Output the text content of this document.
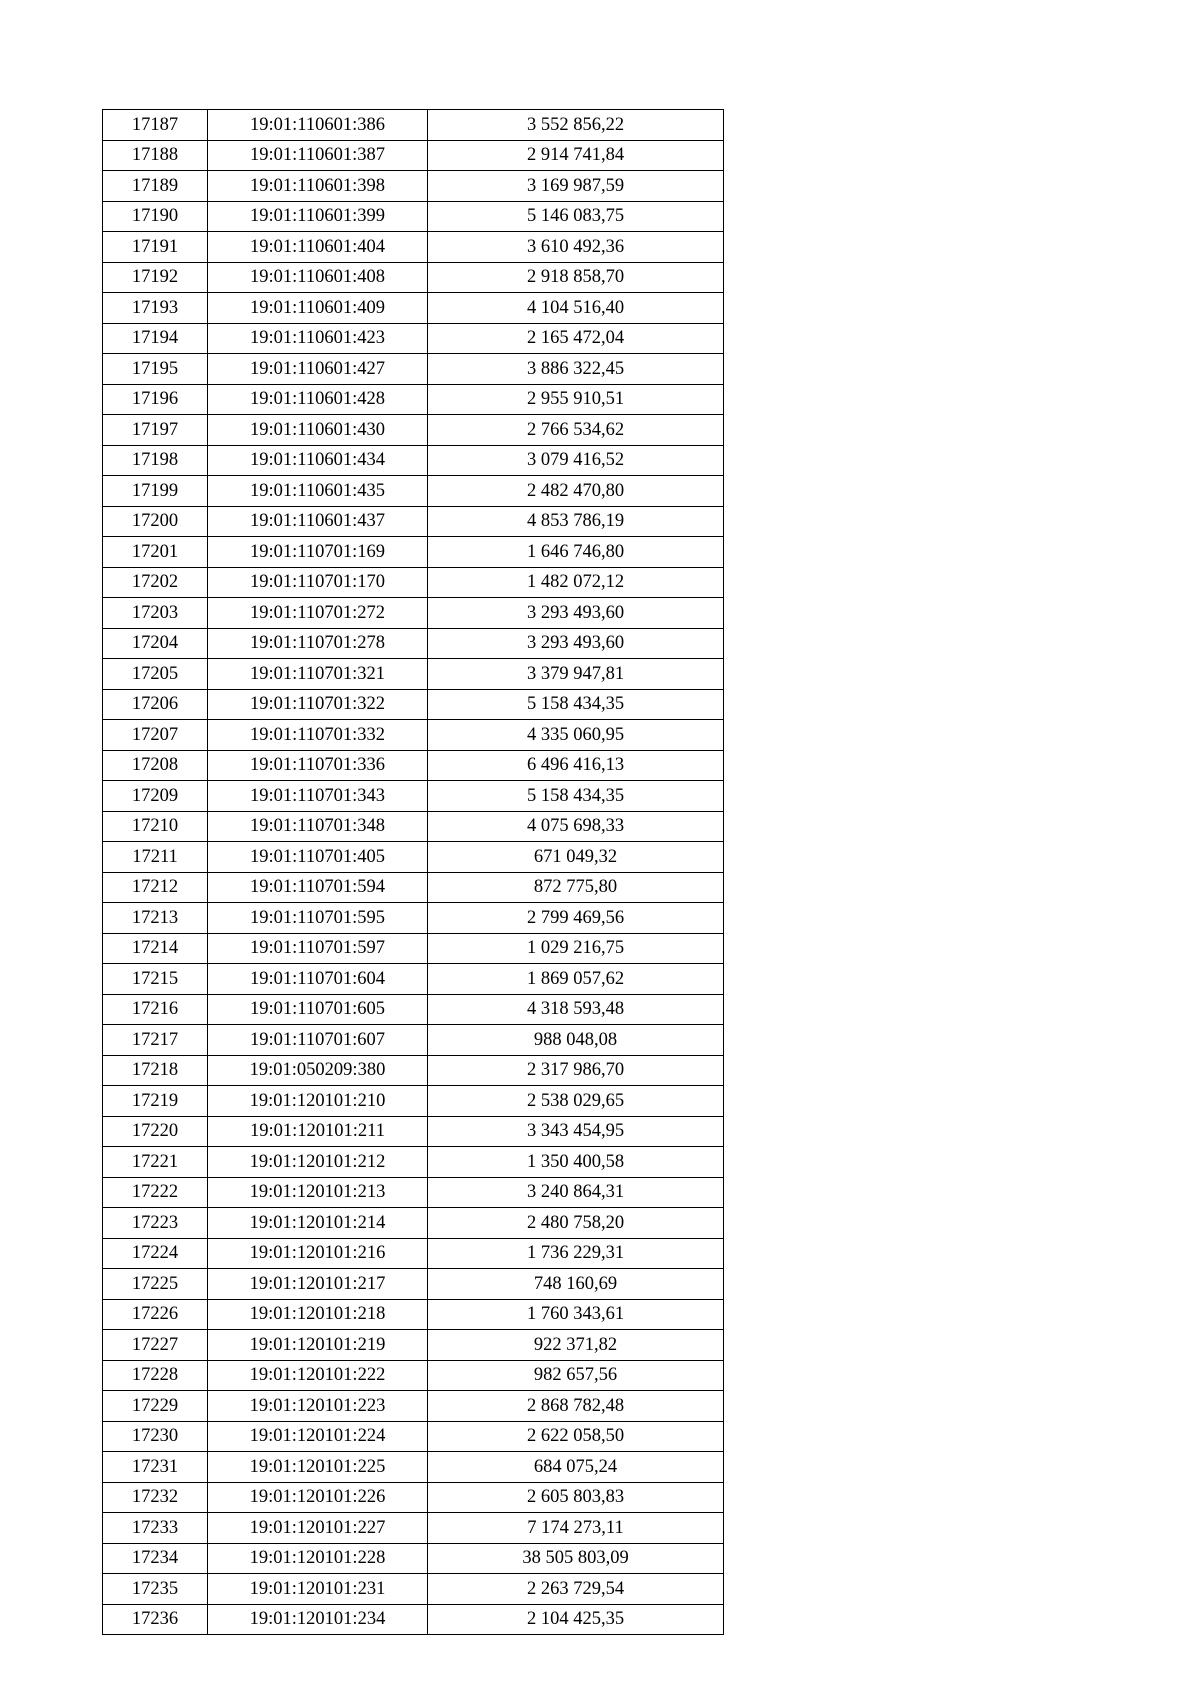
17187	19:01:110601:386	3 552 856,22
17188	19:01:110601:387	2 914 741,84
17189	19:01:110601:398	3 169 987,59
17190	19:01:110601:399	5 146 083,75
17191	19:01:110601:404	3 610 492,36
17192	19:01:110601:408	2 918 858,70
17193	19:01:110601:409	4 104 516,40
17194	19:01:110601:423	2 165 472,04
17195	19:01:110601:427	3 886 322,45
17196	19:01:110601:428	2 955 910,51
17197	19:01:110601:430	2 766 534,62
17198	19:01:110601:434	3 079 416,52
17199	19:01:110601:435	2 482 470,80
17200	19:01:110601:437	4 853 786,19
17201	19:01:110701:169	1 646 746,80
17202	19:01:110701:170	1 482 072,12
17203	19:01:110701:272	3 293 493,60
17204	19:01:110701:278	3 293 493,60
17205	19:01:110701:321	3 379 947,81
17206	19:01:110701:322	5 158 434,35
17207	19:01:110701:332	4 335 060,95
17208	19:01:110701:336	6 496 416,13
17209	19:01:110701:343	5 158 434,35
17210	19:01:110701:348	4 075 698,33
17211	19:01:110701:405	671 049,32
17212	19:01:110701:594	872 775,80
17213	19:01:110701:595	2 799 469,56
17214	19:01:110701:597	1 029 216,75
17215	19:01:110701:604	1 869 057,62
17216	19:01:110701:605	4 318 593,48
17217	19:01:110701:607	988 048,08
17218	19:01:050209:380	2 317 986,70
17219	19:01:120101:210	2 538 029,65
17220	19:01:120101:211	3 343 454,95
17221	19:01:120101:212	1 350 400,58
17222	19:01:120101:213	3 240 864,31
17223	19:01:120101:214	2 480 758,20
17224	19:01:120101:216	1 736 229,31
17225	19:01:120101:217	748 160,69
17226	19:01:120101:218	1 760 343,61
17227	19:01:120101:219	922 371,82
17228	19:01:120101:222	982 657,56
17229	19:01:120101:223	2 868 782,48
17230	19:01:120101:224	2 622 058,50
17231	19:01:120101:225	684 075,24
17232	19:01:120101:226	2 605 803,83
17233	19:01:120101:227	7 174 273,11
17234	19:01:120101:228	38 505 803,09
17235	19:01:120101:231	2 263 729,54
17236	19:01:120101:234	2 104 425,35
